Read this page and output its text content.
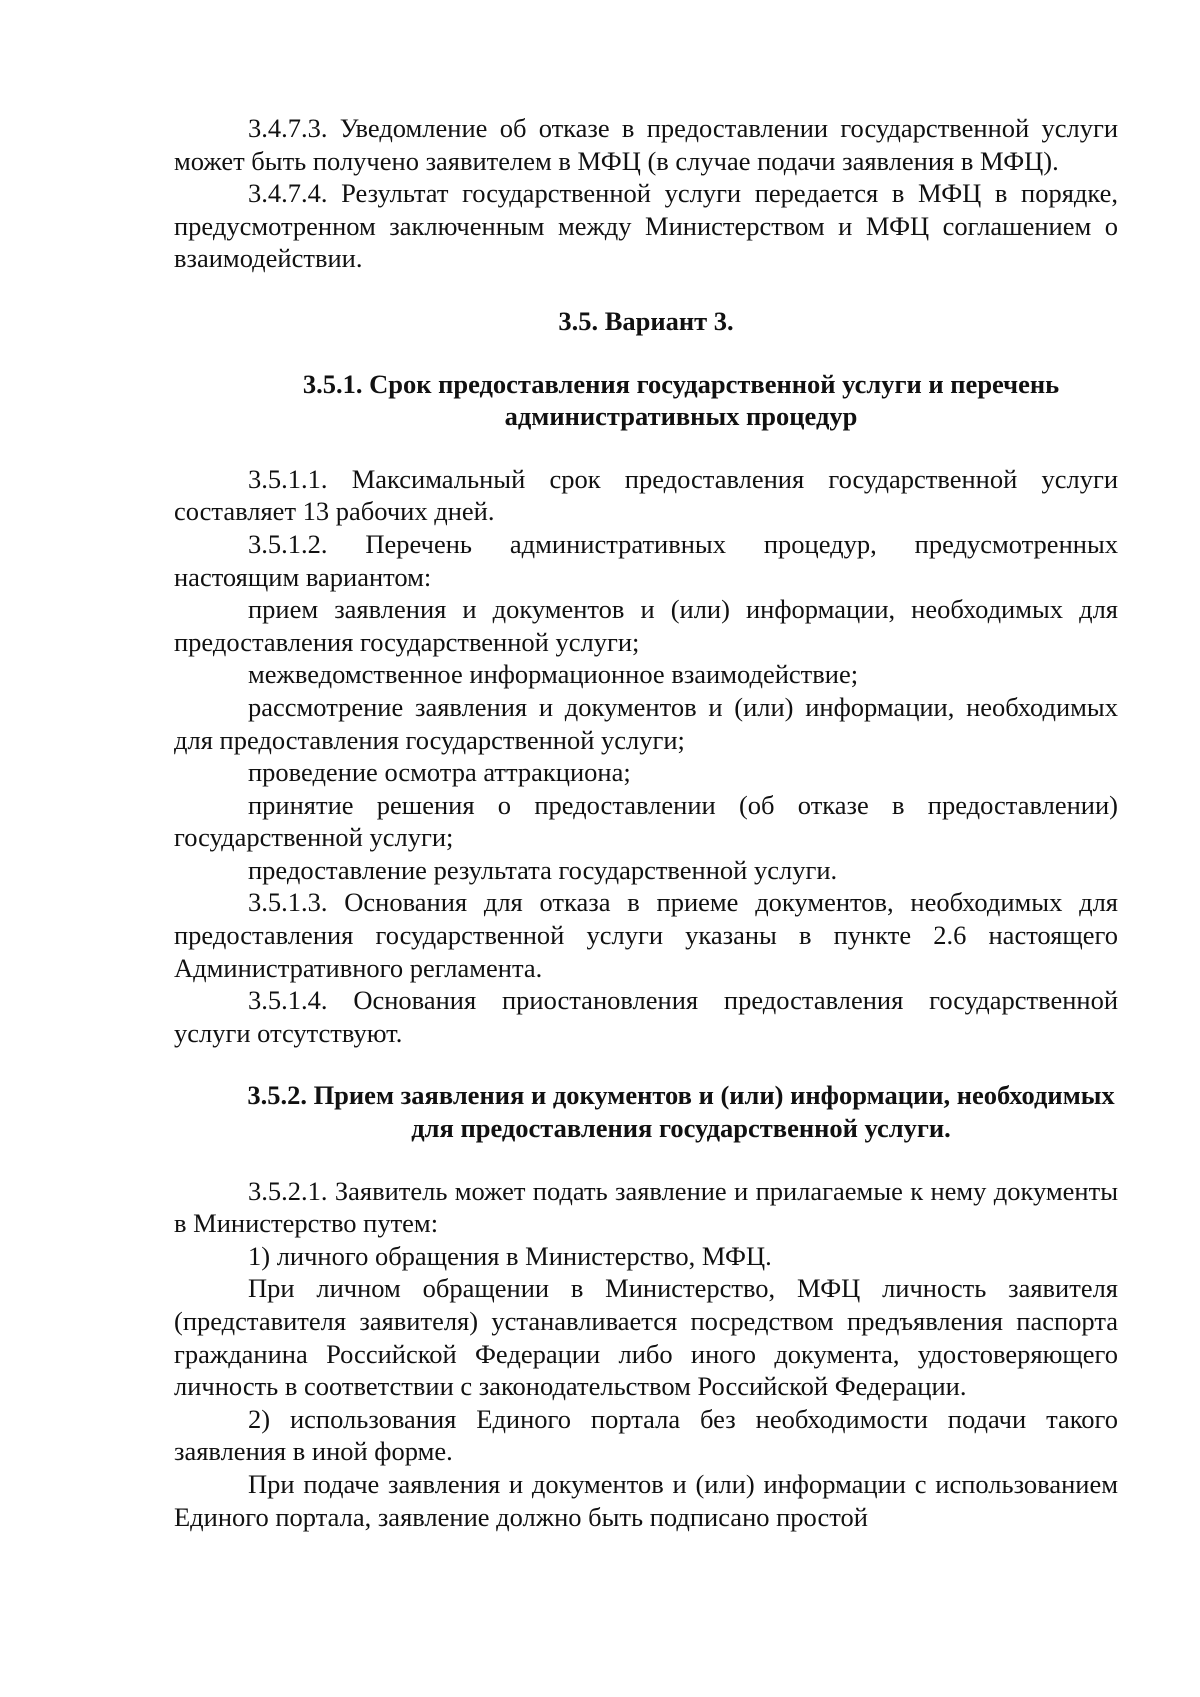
3.4.7.3. Уведомление об отказе в предоставлении государственной услуги может быть получено заявителем в МФЦ (в случае подачи заявления в МФЦ).

3.4.7.4. Результат государственной услуги передается в МФЦ в порядке, предусмотренном заключенным между Министерством и МФЦ соглашением о взаимодействии.

3.5. Вариант 3.

3.5.1. Срок предоставления государственной услуги и перечень административных процедур

3.5.1.1. Максимальный срок предоставления государственной услуги составляет 13 рабочих дней.

3.5.1.2. Перечень административных процедур, предусмотренных настоящим вариантом:

прием заявления и документов и (или) информации, необходимых для предоставления государственной услуги;

межведомственное информационное взаимодействие;

рассмотрение заявления и документов и (или) информации, необходимых для предоставления государственной услуги;

проведение осмотра аттракциона;

принятие решения о предоставлении (об отказе в предоставлении) государственной услуги;

предоставление результата государственной услуги.

3.5.1.3. Основания для отказа в приеме документов, необходимых для предоставления государственной услуги указаны в пункте 2.6 настоящего Административного регламента.

3.5.1.4. Основания приостановления предоставления государственной услуги отсутствуют.

3.5.2. Прием заявления и документов и (или) информации, необходимых для предоставления государственной услуги.

3.5.2.1. Заявитель может подать заявление и прилагаемые к нему документы в Министерство путем:

1) личного обращения в Министерство, МФЦ.

При личном обращении в Министерство, МФЦ личность заявителя (представителя заявителя) устанавливается посредством предъявления паспорта гражданина Российской Федерации либо иного документа, удостоверяющего личность в соответствии с законодательством Российской Федерации.

2) использования Единого портала без необходимости подачи такого заявления в иной форме.

При подаче заявления и документов и (или) информации с использованием Единого портала, заявление должно быть подписано простой
